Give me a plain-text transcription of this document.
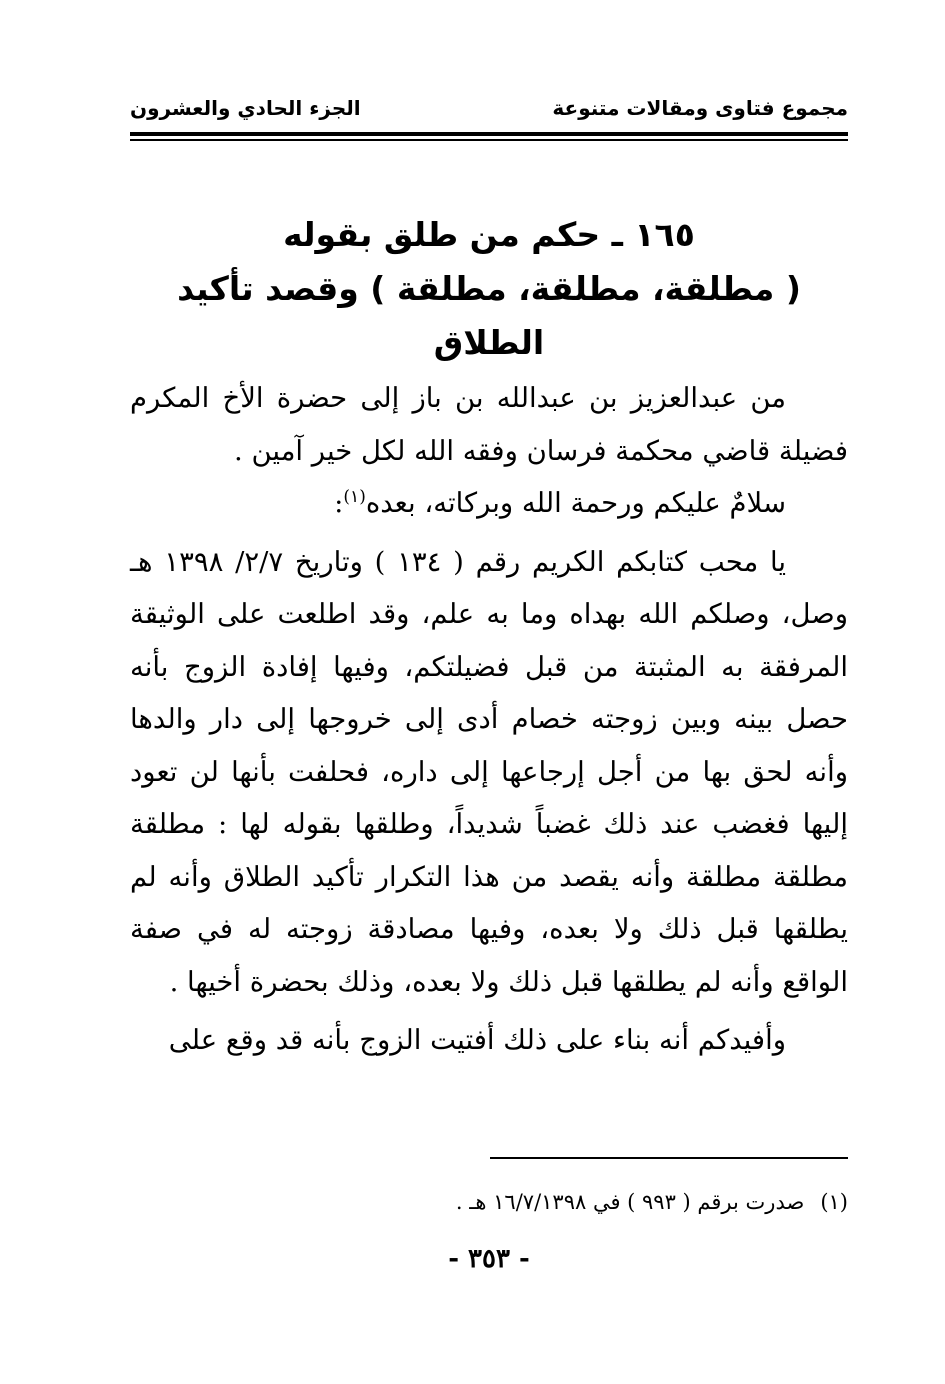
مجموع فتاوى ومقالات متنوعة
الجزء الحادي والعشرون
١٦٥ ـ حكم من طلق بقوله
( مطلقة، مطلقة، مطلقة ) وقصد تأكيد الطلاق

من عبدالعزيز بن عبدالله بن باز إلى حضرة الأخ المكرم فضيلة قاضي محكمة فرسان وفقه الله لكل خير آمين .

سلامٌ عليكم ورحمة الله وبركاته، بعده$^{(١)}$:

يا محب كتابكم الكريم رقم ( ١٣٤ ) وتاريخ ٢/٧/ ١٣٩٨ هـ وصل، وصلكم الله بهداه وما به علم، وقد اطلعت على الوثيقة المرفقة به المثبتة من قبل فضيلتكم، وفيها إفادة الزوج بأنه حصل بينه وبين زوجته خصام أدى إلى خروجها إلى دار والدها وأنه لحق بها من أجل إرجاعها إلى داره، فحلفت بأنها لن تعود إليها فغضب عند ذلك غضباً شديداً، وطلقها بقوله لها : مطلقة مطلقة مطلقة وأنه يقصد من هذا التكرار تأكيد الطلاق وأنه لم يطلقها قبل ذلك ولا بعده، وفيها مصادقة زوجته له في صفة الواقع وأنه لم يطلقها قبل ذلك ولا بعده، وذلك بحضرة أخيها .

وأفيدكم أنه بناء على ذلك أفتيت الزوج بأنه قد وقع على

(١)صدرت برقم ( ٩٩٣ ) في ١٦/٧/١٣٩٨ هـ .
- ٣٥٣ -
